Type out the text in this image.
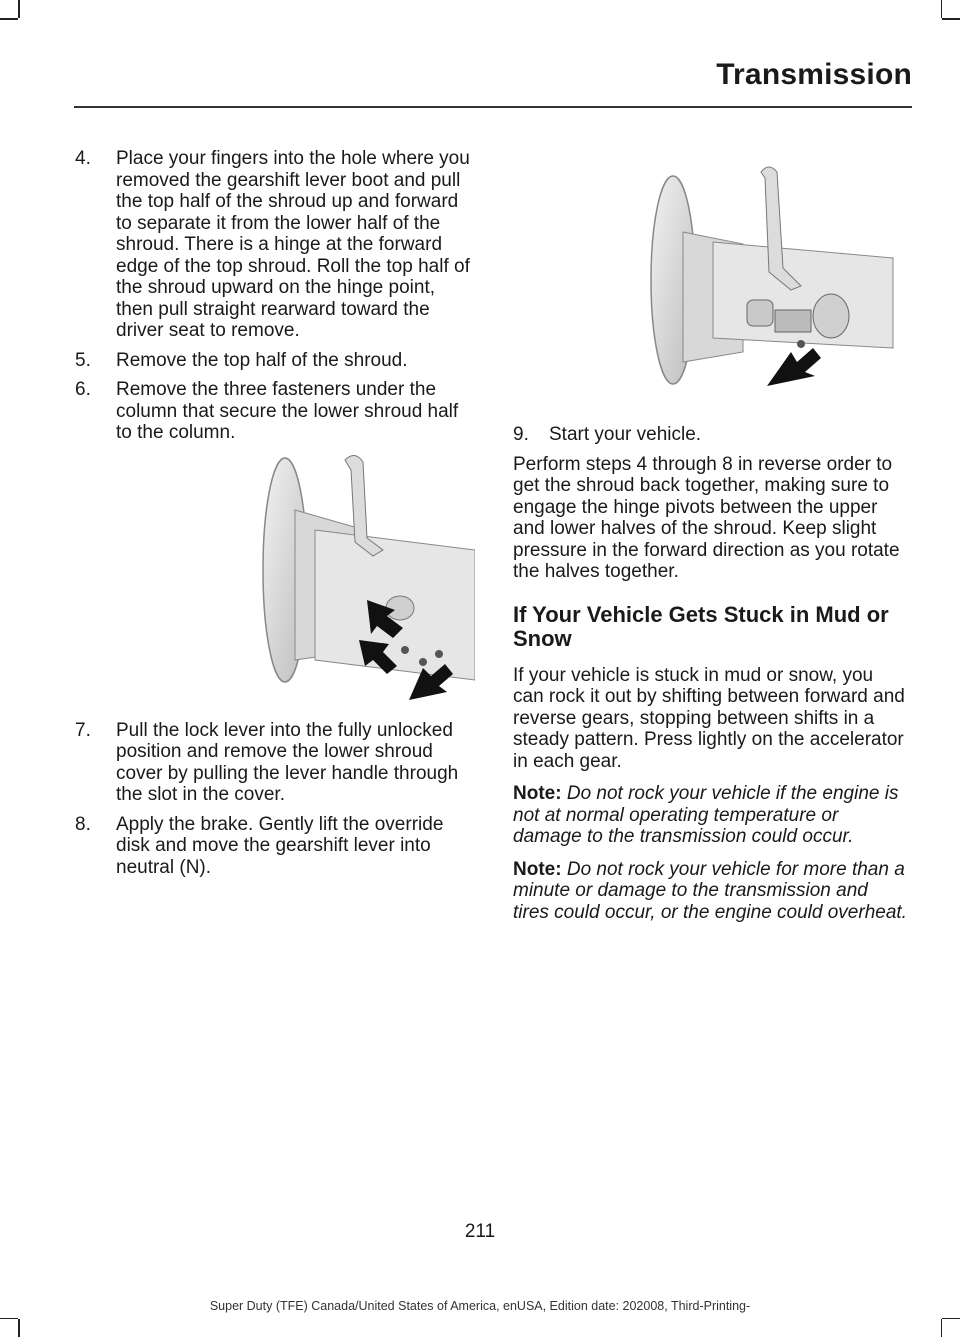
Transmission
4. Place your fingers into the hole where you removed the gearshift lever boot and pull the top half of the shroud up and forward to separate it from the lower half of the shroud. There is a hinge at the forward edge of the top shroud. Roll the top half of the shroud upward on the hinge point, then pull straight rearward toward the driver seat to remove.
5. Remove the top half of the shroud.
6. Remove the three fasteners under the column that secure the lower shroud half to the column.
7. Pull the lock lever into the fully unlocked position and remove the lower shroud cover by pulling the lever handle through the slot in the cover.
8. Apply the brake. Gently lift the override disk and move the gearshift lever into neutral (N).
9. Start your vehicle.

Perform steps 4 through 8 in reverse order to get the shroud back together, making sure to engage the hinge pivots between the upper and lower halves of the shroud. Keep slight pressure in the forward direction as you rotate the halves together.

If Your Vehicle Gets Stuck in Mud or Snow

If your vehicle is stuck in mud or snow, you can rock it out by shifting between forward and reverse gears, stopping between shifts in a steady pattern. Press lightly on the accelerator in each gear.

Note: Do not rock your vehicle if the engine is not at normal operating temperature or damage to the transmission could occur.

Note: Do not rock your vehicle for more than a minute or damage to the transmission and tires could occur, or the engine could overheat.

211
Super Duty (TFE) Canada/United States of America, enUSA, Edition date: 202008, Third-Printing-
